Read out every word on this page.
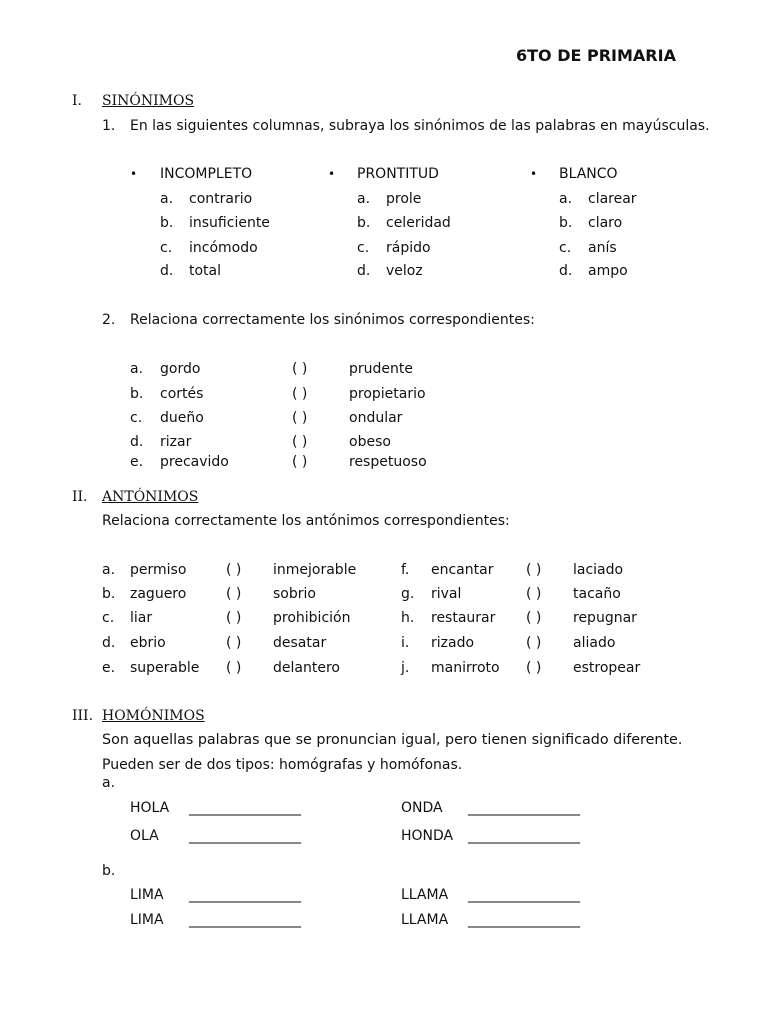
6TO DE PRIMARIA
I. SINÓNIMOS
1. En las siguientes columnas, subraya los sinónimos de las palabras en mayúsculas.
• INCOMPLETO
a. contrario
b. insuficiente
c. incómodo
d. total
• PRONTITUD
a. prole
b. celeridad
c. rápido
d. veloz
• BLANCO
a. clarear
b. claro
c. anís
d. ampo
2. Relaciona correctamente los sinónimos correspondientes:
a. gordo	( )	prudente
b. cortés	( )	propietario
c. dueño	( )	ondular
d. rizar	( )	obeso
e. precavido	( )	respetuoso
II. ANTÓNIMOS
Relaciona correctamente los antónimos correspondientes:
a. permiso	( ) inmejorable
b. zaguero	( ) sobrio
c. liar	( ) prohibición
d. ebrio	( ) desatar
e. superable ( ) delantero
f. encantar ( ) laciado
g. rival	( ) tacaño
h. restaurar ( ) repugnar
i. rizado	( ) aliado
j. manirroto ( ) estropear
III. HOMÓNIMOS
Son aquellas palabras que se pronuncian igual, pero tienen significado diferente.
Pueden ser de dos tipos: homógrafas y homófonas.
a.
HOLA ________________	ONDA ________________
OLA ________________	HONDA ________________
b.
LIMA ________________	LLAMA ________________
LIMA ________________	LLAMA ________________
